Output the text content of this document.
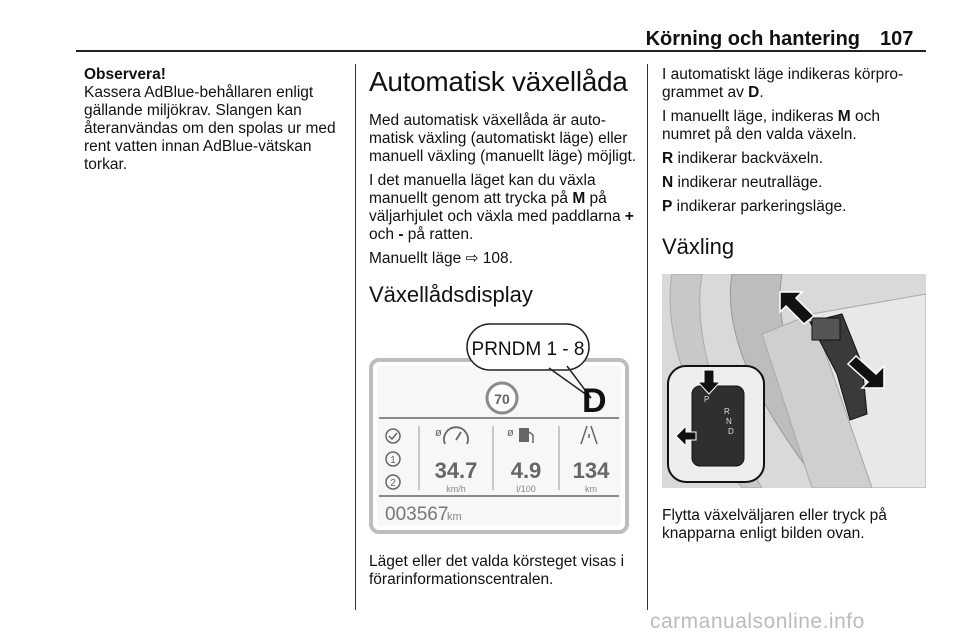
Körning och hantering 107
Observera!
Kassera AdBlue-behållaren enligt gällande miljökrav. Slangen kan återanvändas om den spolas ur med rent vatten innan AdBlue-vätskan torkar.
Automatisk växellåda

Med automatisk växellåda är automatisk växling (automatiskt läge) eller manuell växling (manuellt läge) möjligt.

I det manuella läget kan du växla manuellt genom att trycka på M på väljarhjulet och växla med paddlarna + och - på ratten.

Manuellt läge ⇨ 108.

Växellådsdisplay
PRNDM 1 - 8
70 D
1
2
ø	ø
34.7
km/h
4.9
l/100
134
km
003567
km

Läget eller det valda körsteget visas i förarinformationscentralen.

I automatiskt läge indikeras körprogrammet av D.

I manuellt läge, indikeras M och numret på den valda växeln.

R indikerar backväxeln.

N indikerar neutralläge.

P indikerar parkeringsläge.

Växling
P
R
N
D

Flytta växelväljaren eller tryck på knapparna enligt bilden ovan.

carmanualsonline.info
